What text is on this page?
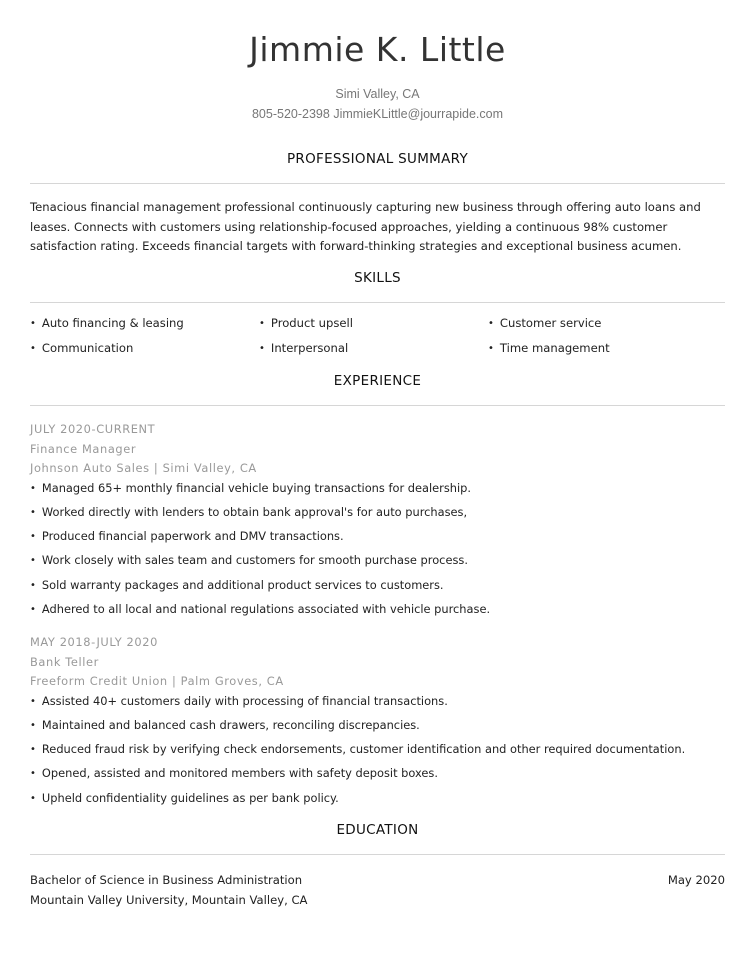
Jimmie K. Little
Simi Valley, CA
805-520-2398 JimmieKLittle@jourrapide.com
PROFESSIONAL SUMMARY
Tenacious financial management professional continuously capturing new business through offering auto loans and leases. Connects with customers using relationship-focused approaches, yielding a continuous 98% customer satisfaction rating. Exceeds financial targets with forward-thinking strategies and exceptional business acumen.
SKILLS
• Auto financing & leasing	• Product upsell	• Customer service
• Communication	• Interpersonal	• Time management
EXPERIENCE
JULY 2020-CURRENT
Finance Manager
Johnson Auto Sales | Simi Valley, CA
• Managed 65+ monthly financial vehicle buying transactions for dealership.
• Worked directly with lenders to obtain bank approval's for auto purchases,
• Produced financial paperwork and DMV transactions.
• Work closely with sales team and customers for smooth purchase process.
• Sold warranty packages and additional product services to customers.
• Adhered to all local and national regulations associated with vehicle purchase.
MAY 2018-JULY 2020
Bank Teller
Freeform Credit Union | Palm Groves, CA
• Assisted 40+ customers daily with processing of financial transactions.
• Maintained and balanced cash drawers, reconciling discrepancies.
• Reduced fraud risk by verifying check endorsements, customer identification and other required documentation.
• Opened, assisted and monitored members with safety deposit boxes.
• Upheld confidentiality guidelines as per bank policy.
EDUCATION
Bachelor of Science in Business Administration
Mountain Valley University, Mountain Valley, CA
May 2020
